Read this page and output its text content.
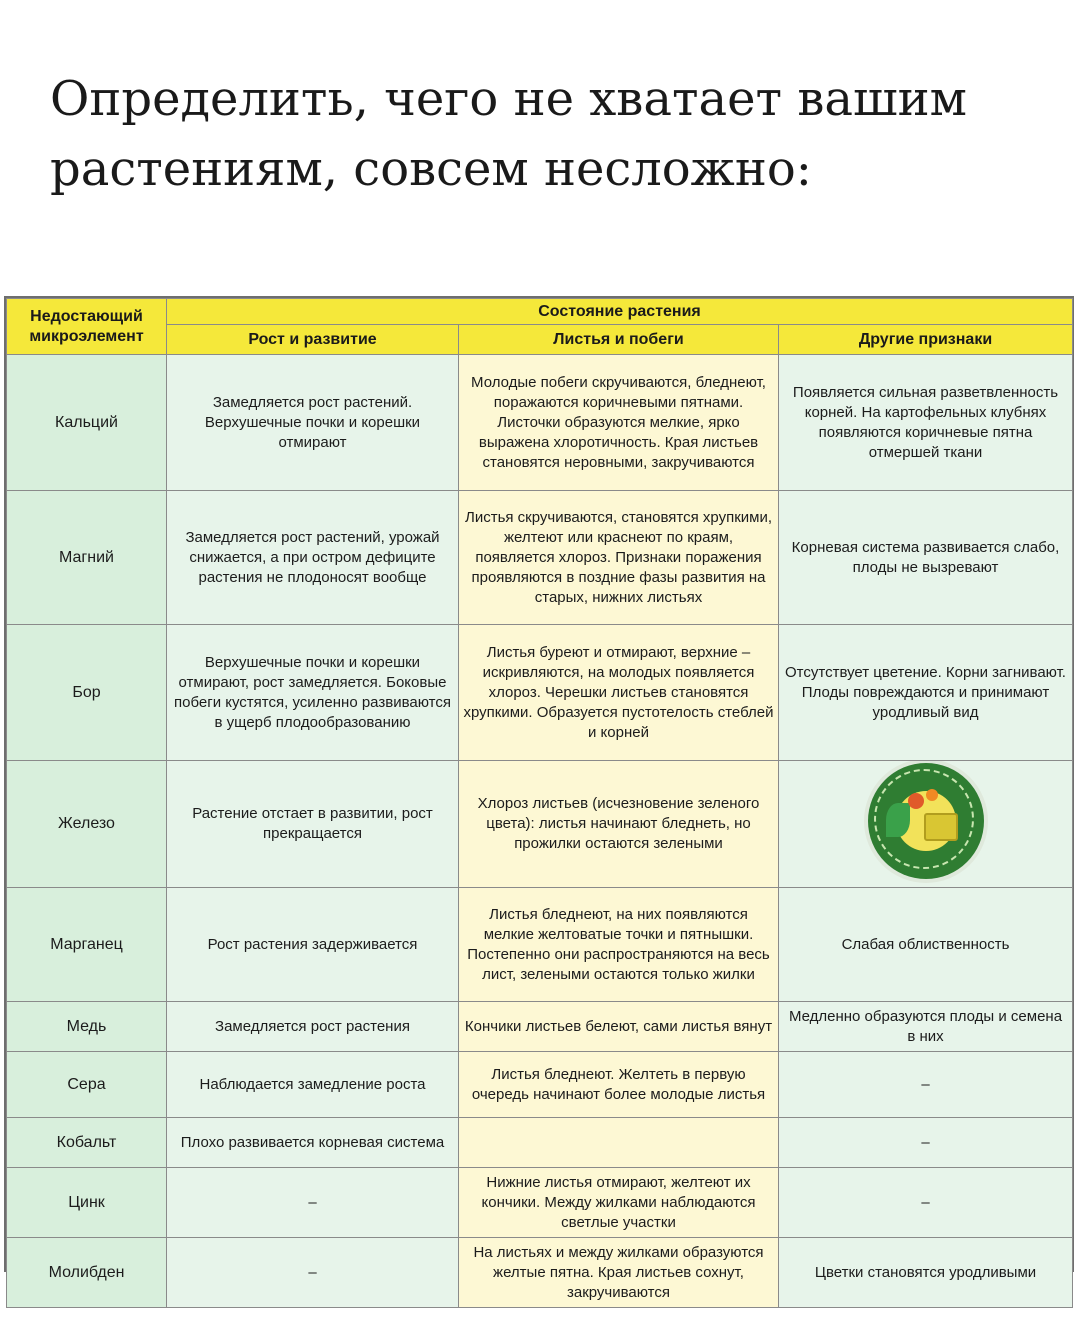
Определить, чего не хватает вашим
растениям, совсем несложно:
Недостающий микроэлемент	Состояние растения		
	Рост и развитие	Листья и побеги	Другие признаки
Кальций	Замедляется рост растений. Верхушечные почки и корешки отмирают	Молодые побеги скручиваются, бледнеют, поражаются коричневыми пятнами. Листочки образуются мелкие, ярко выражена хлоротичность. Края листьев становятся неровными, закручиваются	Появляется сильная разветвленность корней. На картофельных клубнях появляются коричневые пятна отмершей ткани
Магний	Замедляется рост растений, урожай снижается, а при остром дефиците растения не плодоносят вообще	Листья скручиваются, становятся хрупкими, желтеют или краснеют по краям, появляется хлороз. Признаки поражения проявляются в поздние фазы развития на старых, нижних листьях	Корневая система развивается слабо, плоды не вызревают
Бор	Верхушечные почки и корешки отмирают, рост замедляется. Боковые побеги кустятся, усиленно развиваются в ущерб плодообразованию	Листья буреют и отмирают, верхние – искривляются, на молодых появляется хлороз. Черешки листьев становятся хрупкими. Образуется пустотелость стеблей и корней	Отсутствует цветение. Корни загнивают. Плоды повреждаются и принимают уродливый вид
Железо	Растение отстает в развитии, рост прекращается	Хлороз листьев (исчезновение зеленого цвета): листья начинают бледнеть, но прожилки остаются зелеными	

Марганец	Рост растения задерживается	Листья бледнеют, на них появляются мелкие желтоватые точки и пятнышки. Постепенно они распространяются на весь лист, зелеными остаются только жилки	Слабая облиственность
Медь	Замедляется рост растения	Кончики листьев белеют, сами листья вянут	Медленно образуются плоды и семена в них
Сера	Наблюдается замедление роста	Листья бледнеют. Желтеть в первую очередь начинают более молодые листья	–
Кобальт	Плохо развивается корневая система		–
Цинк	–	Нижние листья отмирают, желтеют их кончики. Между жилками наблюдаются светлые участки	–
Молибден	–	На листьях и между жилками образуются желтые пятна. Края листьев сохнут, закручиваются	Цветки становятся уродливыми
